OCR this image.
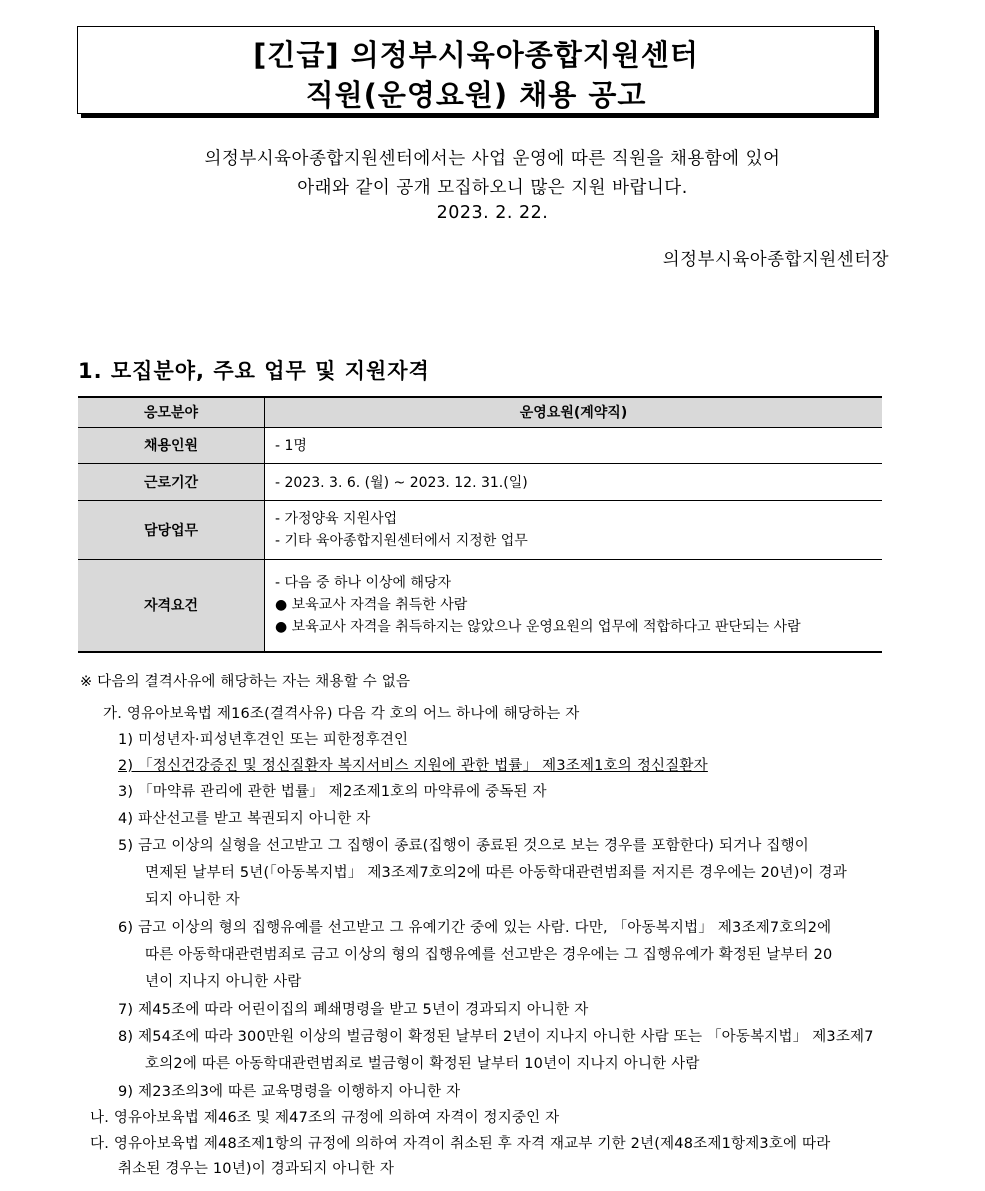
[긴급] 의정부시육아종합지원센터
직원(운영요원) 채용 공고
의정부시육아종합지원센터에서는 사업 운영에 따른 직원을 채용함에 있어
아래와 같이 공개 모집하오니 많은 지원 바랍니다.
2023. 2. 22.
의정부시육아종합지원센터장
1. 모집분야, 주요 업무 및 지원자격
응모분야	운영요원(계약직)
채용인원	- 1명
근로기간	- 2023. 3. 6. (월) ~ 2023. 12. 31.(일)
담당업무	- 가정양육 지원사업
- 기타 육아종합지원센터에서 지정한 업무

자격요건	- 다음 중 하나 이상에 해당자
● 보육교사 자격을 취득한 사람
● 보육교사 자격을 취득하지는 않았으나 운영요원의 업무에 적합하다고 판단되는 사람
※ 다음의 결격사유에 해당하는 자는 채용할 수 없음
가. 영유아보육법 제16조(결격사유) 다음 각 호의 어느 하나에 해당하는 자
1) 미성년자·피성년후견인 또는 피한정후견인
2) 「정신건강증진 및 정신질환자 복지서비스 지원에 관한 법률」 제3조제1호의 정신질환자
3) 「마약류 관리에 관한 법률」 제2조제1호의 마약류에 중독된 자
4) 파산선고를 받고 복권되지 아니한 자
5) 금고 이상의 실형을 선고받고 그 집행이 종료(집행이 종료된 것으로 보는 경우를 포함한다) 되거나 집행이
면제된 날부터 5년(「아동복지법」 제3조제7호의2에 따른 아동학대관련범죄를 저지른 경우에는 20년)이 경과
되지 아니한 자
6) 금고 이상의 형의 집행유예를 선고받고 그 유예기간 중에 있는 사람. 다만, 「아동복지법」 제3조제7호의2에
따른 아동학대관련범죄로 금고 이상의 형의 집행유예를 선고받은 경우에는 그 집행유예가 확정된 날부터 20
년이 지나지 아니한 사람
7) 제45조에 따라 어린이집의 폐쇄명령을 받고 5년이 경과되지 아니한 자
8) 제54조에 따라 300만원 이상의 벌금형이 확정된 날부터 2년이 지나지 아니한 사람 또는 「아동복지법」 제3조제7
호의2에 따른 아동학대관련범죄로 벌금형이 확정된 날부터 10년이 지나지 아니한 사람
9) 제23조의3에 따른 교육명령을 이행하지 아니한 자
나. 영유아보육법 제46조 및 제47조의 규정에 의하여 자격이 정지중인 자
다. 영유아보육법 제48조제1항의 규정에 의하여 자격이 취소된 후 자격 재교부 기한 2년(제48조제1항제3호에 따라
취소된 경우는 10년)이 경과되지 아니한 자
